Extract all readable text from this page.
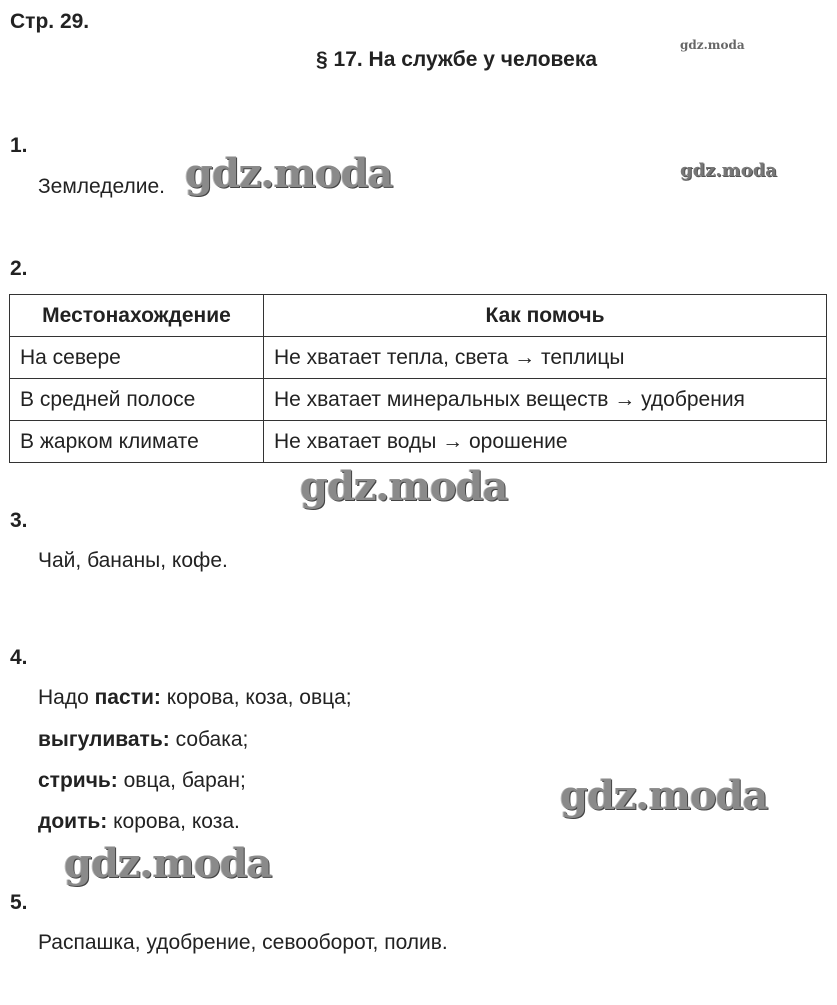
Стр. 29.
§ 17. На службе у человека
gdz.moda
gdz.moda	gdz.moda
gdz.moda
gdz.moda
gdz.moda
1.
Земледелие.
2.
Местонахождение	Как помочь
На севере	Не хватает тепла, света → теплицы
В средней полосе	Не хватает минеральных веществ → удобрения
В жарком климате	Не хватает воды → орошение
3.
Чай, бананы, кофе.
4.
Надо пасти: корова, коза, овца;
выгуливать: собака;
стричь: овца, баран;
доить: корова, коза.
5.
Распашка, удобрение, севооборот, полив.
